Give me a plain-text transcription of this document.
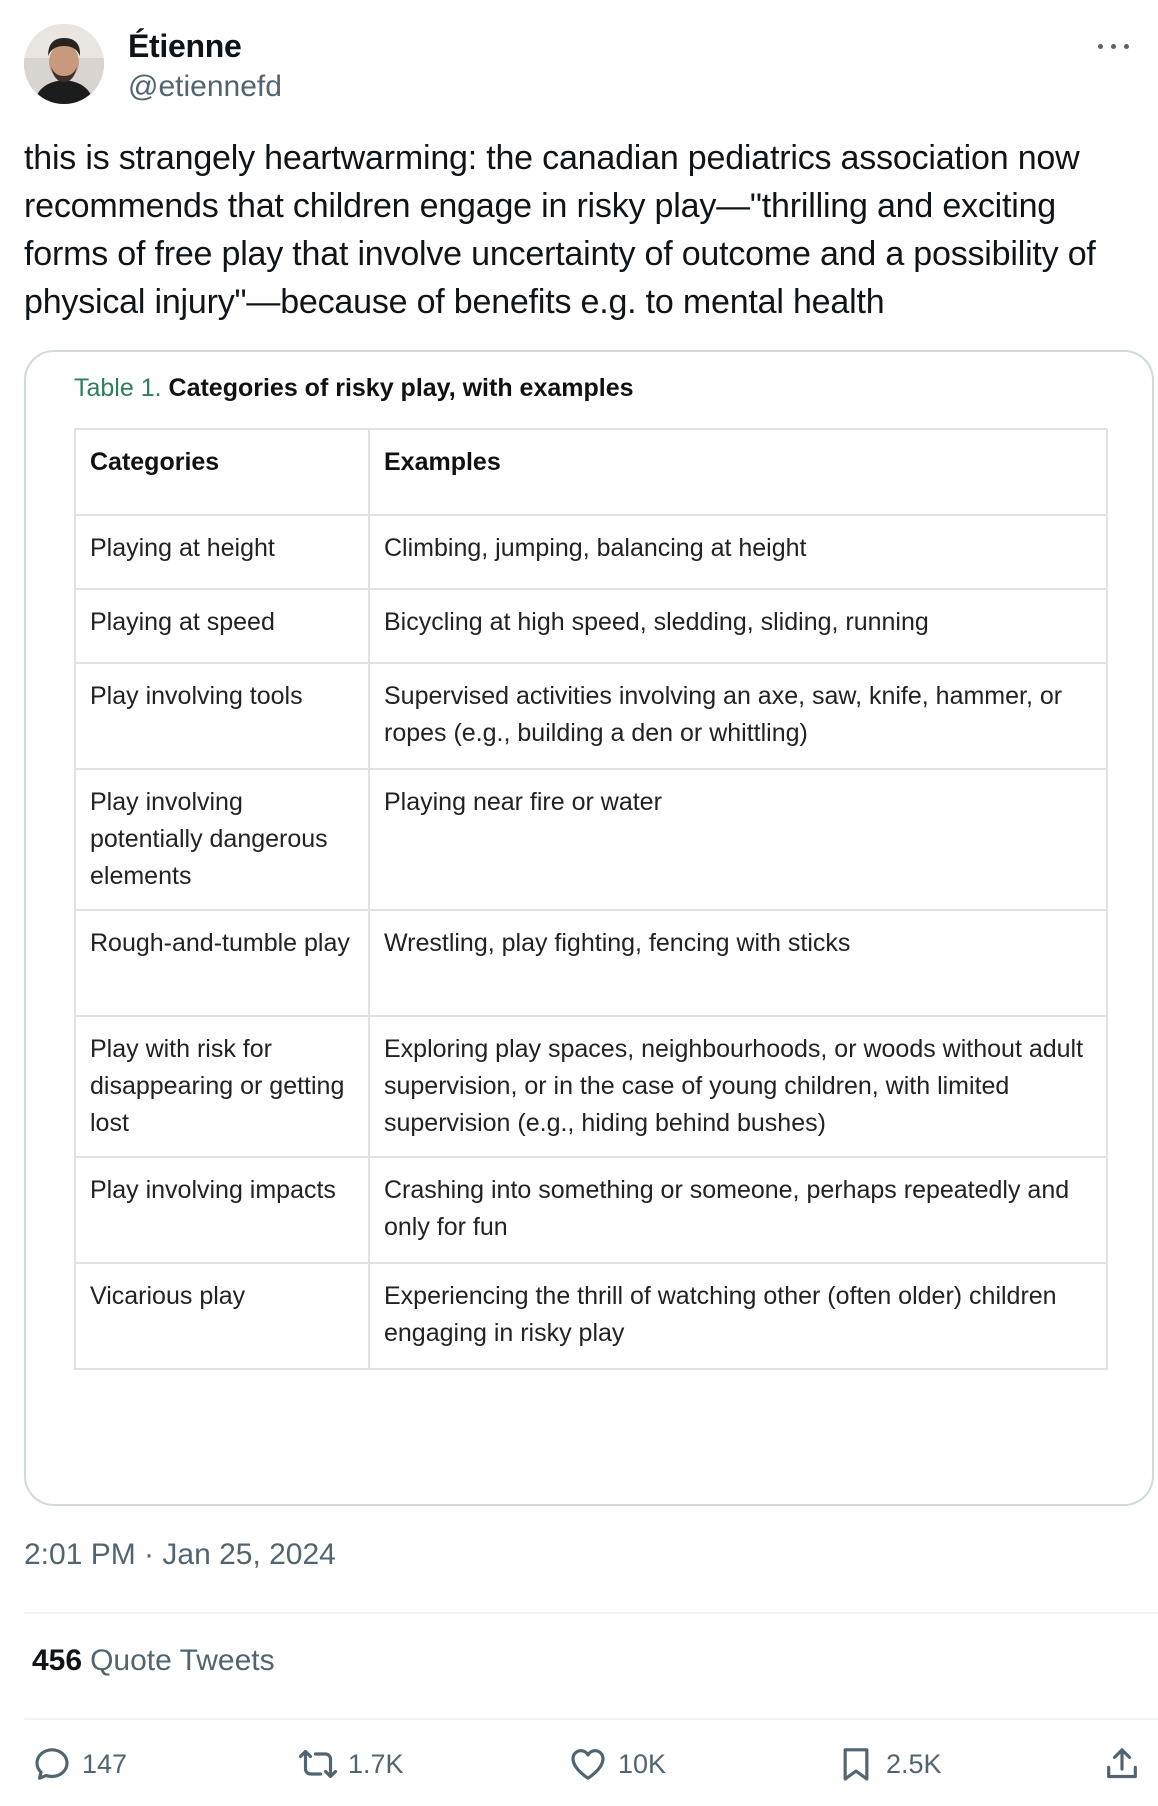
Étienne
@etiennefd
this is strangely heartwarming: the canadian pediatrics association now recommends that children engage in risky play—"thrilling and exciting forms of free play that involve uncertainty of outcome and a possibility of physical injury"—because of benefits e.g. to mental health
Table 1. Categories of risky play, with examples
Categories	Examples
Playing at height	Climbing, jumping, balancing at height
Playing at speed	Bicycling at high speed, sledding, sliding, running
Play involving tools	Supervised activities involving an axe, saw, knife, hammer, or ropes (e.g., building a den or whittling)
Play involving potentially dangerous elements	Playing near fire or water
Rough-and-tumble play	Wrestling, play fighting, fencing with sticks
Play with risk for disappearing or getting lost	Exploring play spaces, neighbourhoods, or woods without adult supervision, or in the case of young children, with limited supervision (e.g., hiding behind bushes)
Play involving impacts	Crashing into something or someone, perhaps repeatedly and only for fun
Vicarious play	Experiencing the thrill of watching other (often older) children engaging in risky play
2:01 PM · Jan 25, 2024
456 Quote Tweets
147	1.7K	10K	2.5K
